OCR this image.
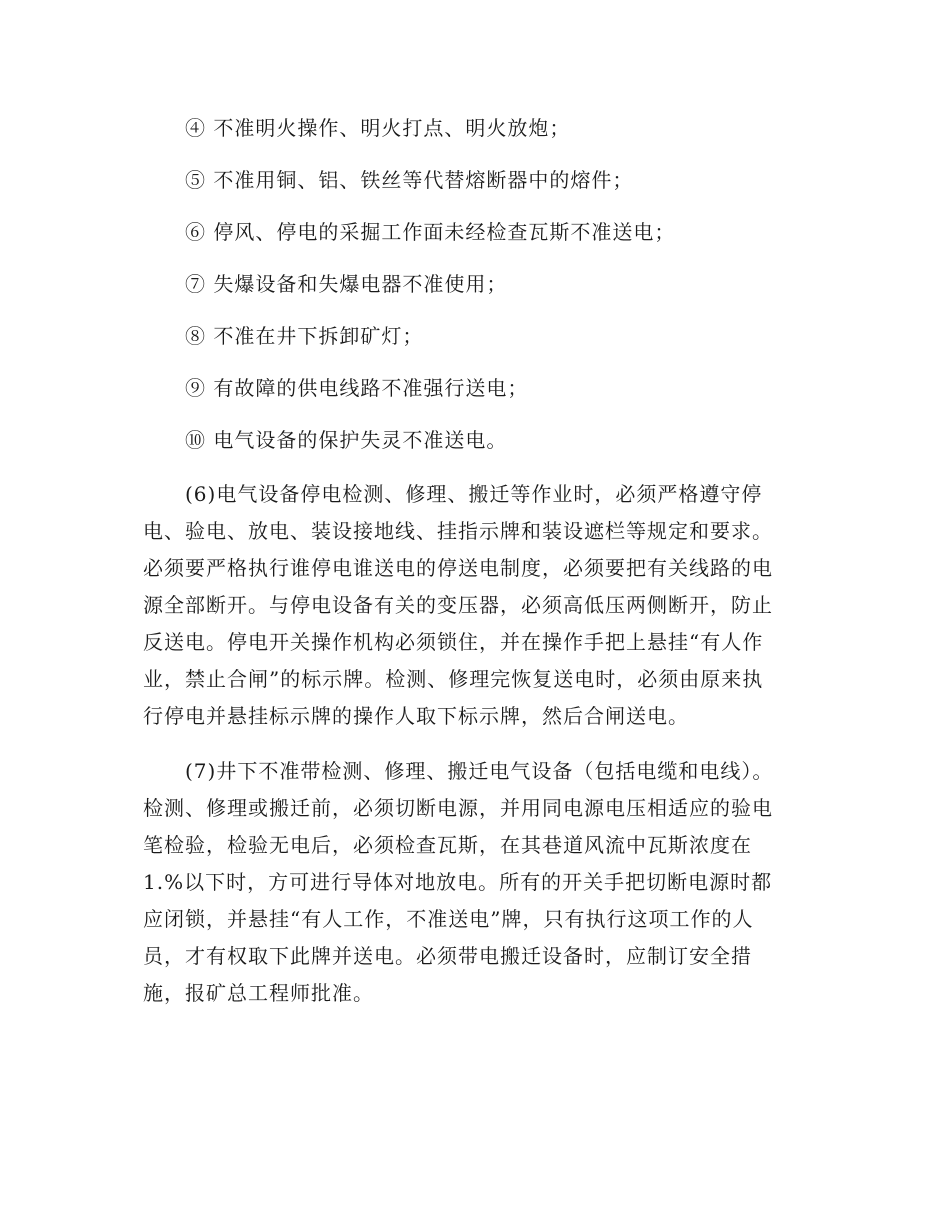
④ 不准明火操作、明火打点、明火放炮；
⑤ 不准用铜、铝、铁丝等代替熔断器中的熔件；
⑥ 停风、停电的采掘工作面未经检查瓦斯不准送电；
⑦ 失爆设备和失爆电器不准使用；
⑧ 不准在井下拆卸矿灯；
⑨ 有故障的供电线路不准强行送电；
⑩ 电气设备的保护失灵不准送电。
(6)电气设备停电检测、修理、搬迁等作业时，必须严格遵守停
电、验电、放电、装设接地线、挂指示牌和装设遮栏等规定和要求。
必须要严格执行谁停电谁送电的停送电制度，必须要把有关线路的电
源全部断开。与停电设备有关的变压器，必须高低压两侧断开，防止
反送电。停电开关操作机构必须锁住，并在操作手把上悬挂“有人作
业，禁止合闸”的标示牌。检测、修理完恢复送电时，必须由原来执
行停电并悬挂标示牌的操作人取下标示牌，然后合闸送电。
(7)井下不准带检测、修理、搬迁电气设备（包括电缆和电线）。
检测、修理或搬迁前，必须切断电源，并用同电源电压相适应的验电
笔检验，检验无电后，必须检查瓦斯，在其巷道风流中瓦斯浓度在
1.%以下时，方可进行导体对地放电。所有的开关手把切断电源时都
应闭锁，并悬挂“有人工作，不准送电”牌，只有执行这项工作的人
员，才有权取下此牌并送电。必须带电搬迁设备时，应制订安全措
施，报矿总工程师批准。
